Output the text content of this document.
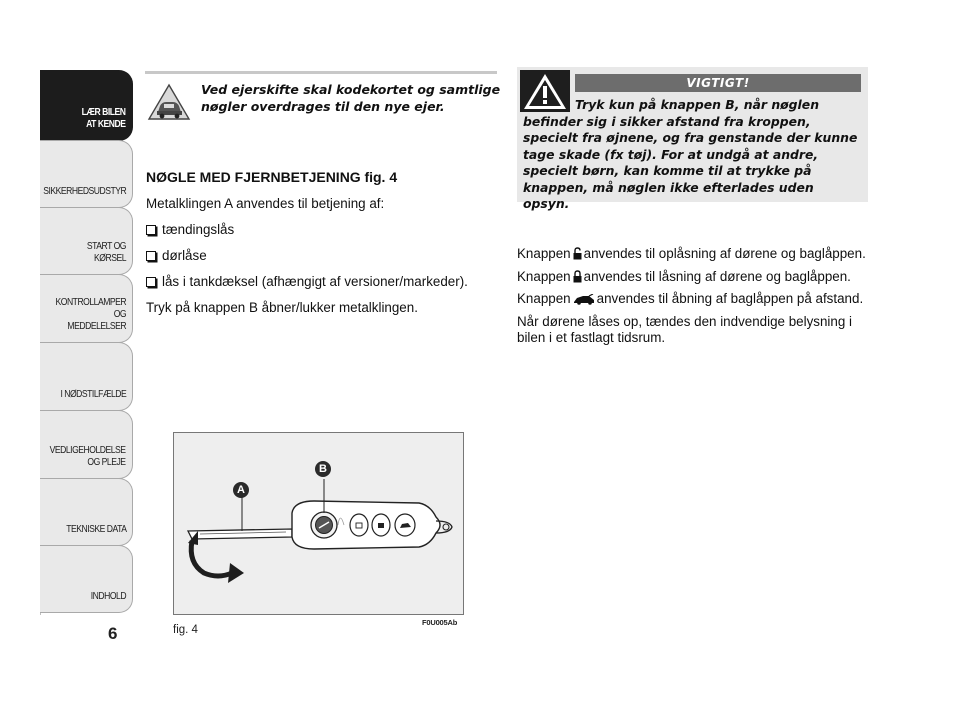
LÆR BILEN
AT KENDE
SIKKERHEDSUDSTYR
START OG KØRSEL
KONTROLLAMPER
OG MEDDELELSER
I NØDSTILFÆLDE
VEDLIGEHOLDELSE
OG PLEJE
TEKNISKE DATA
INDHOLD
6
Ved ejerskifte skal kodekortet og samtlige nøgler overdrages til den nye ejer.

NØGLE MED FJERNBETJENING fig. 4

Metalklingen A anvendes til betjening af:

tændingslås
dørlåse
lås i tankdæksel (afhængigt af versioner/markeder).

Tryk på knappen B åbner/lukker metalklingen.

VIGTIGT!
Tryk kun på knappen B, når nøglen befinder sig i sikker afstand fra kroppen, specielt fra øjnene, og fra genstande der kunne tage skade (fx tøj). For at undgå at andre, specielt børn, kan komme til at trykke på knappen, må nøglen ikke efterlades uden opsyn.

Knappen anvendes til oplåsning af dørene og baglåppen.

Knappen anvendes til låsning af dørene og baglåppen.

Knappen anvendes til åbning af baglåppen på afstand.

Når dørene låses op, tændes den indvendige belysning i bilen i et fastlagt tidsrum.

A
B
fig. 4
F0U005Ab
